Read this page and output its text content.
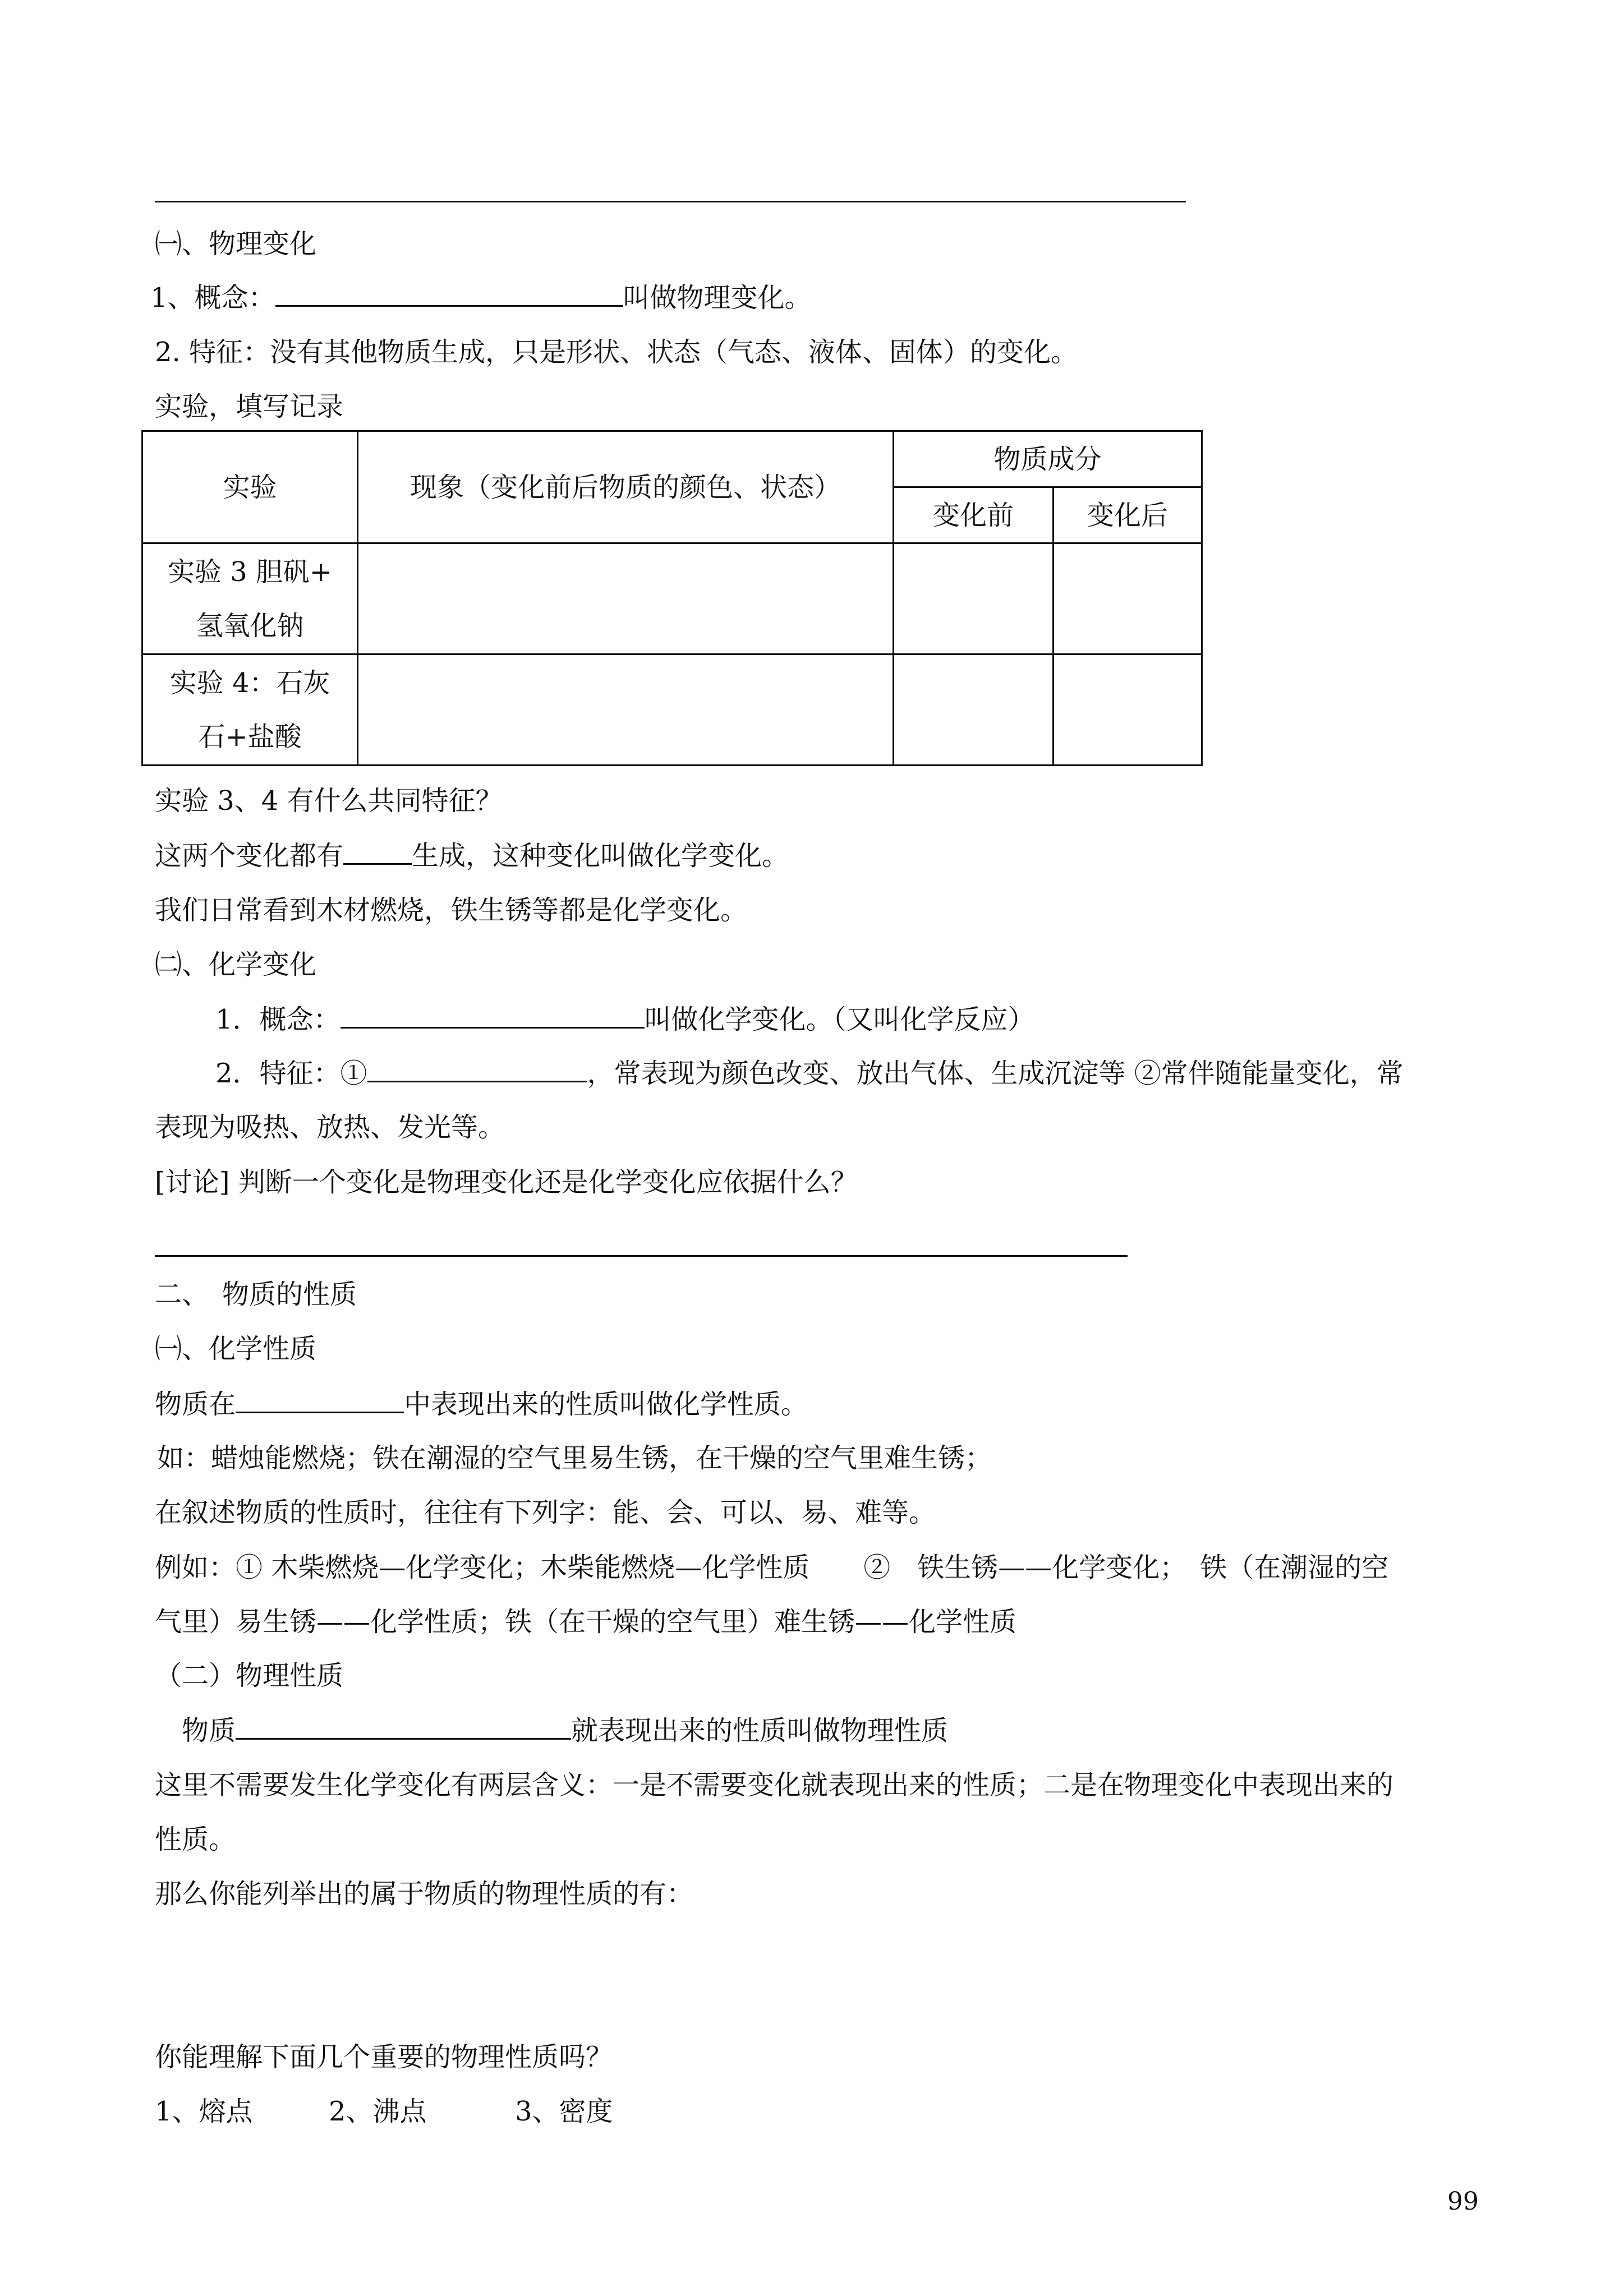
㈠、物理变化
1、概念：	叫做物理变化。
2. 特征：没有其他物质生成，只是形状、状态（气态、液体、固体）的变化。
实验，填写记录
实验	现象（变化前后物质的颜色、状态）	物质成分	
		变化前	变化后

实验 3 胆矾+
氢氧化钠			

实验 4：石灰
石+盐酸			

实验 3、4 有什么共同特征？
这两个变化都有	生成，这种变化叫做化学变化。
我们日常看到木材燃烧，铁生锈等都是化学变化。
㈡、化学变化
1．概念：	叫做化学变化。（又叫化学反应）
2．特征：①	，常表现为颜色改变、放出气体、生成沉淀等 ②常伴随能量变化，常
表现为吸热、放热、发光等。
[讨论] 判断一个变化是物理变化还是化学变化应依据什么？
二、　物质的性质
㈠、化学性质
物质在	中表现出来的性质叫做化学性质。
如：蜡烛能燃烧；铁在潮湿的空气里易生锈，在干燥的空气里难生锈；
在叙述物质的性质时，往往有下列字：能、会、可以、易、难等。
例如：① 木柴燃烧—化学变化；木柴能燃烧—化学性质　　②　铁生锈——化学变化；　铁（在潮湿的空
气里）易生锈——化学性质；铁（在干燥的空气里）难生锈——化学性质
（二）物理性质
物质	就表现出来的性质叫做物理性质
这里不需要发生化学变化有两层含义：一是不需要变化就表现出来的性质；二是在物理变化中表现出来的
性质。
那么你能列举出的属于物质的物理性质的有：
你能理解下面几个重要的物理性质吗？
1、熔点	2、沸点	3、密度
99
